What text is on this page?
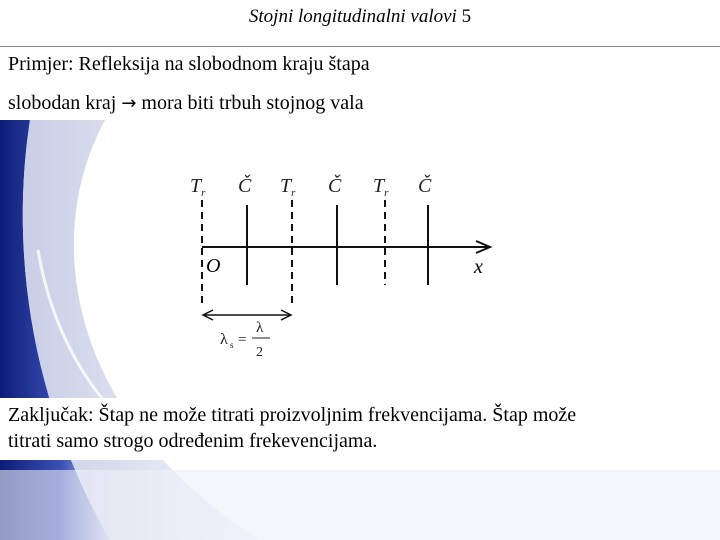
Stojni longitudinalni valovi 5
Primjer: Refleksija na slobodnom kraju štapa
slobodan kraj → mora biti trbuh stojnog vala
$T_r$ Č $T_r$ Č $T_r$ Č
O	x
λ s =
λ
2
Zaključak: Štap ne može titrati proizvoljnim frekvencijama. Štap može
titrati samo strogo određenim frekevencijama.
